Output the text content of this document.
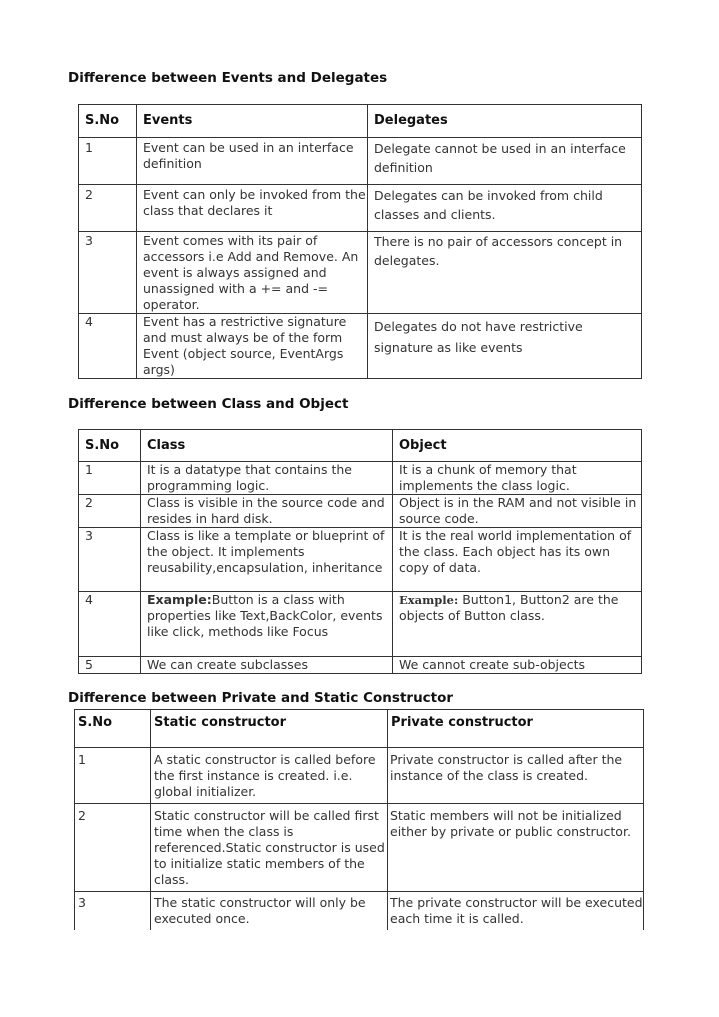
Difference between Events and Delegates
S.No	Events	Delegates
1	Event can be used in an interface definition	Delegate cannot be used in an interface definition
2	Event can only be invoked from the class that declares it	Delegates can be invoked from child classes and clients.
3	Event comes with its pair of accessors i.e Add and Remove. An event is always assigned and unassigned with a += and -= operator.	There is no pair of accessors concept in delegates.
4	Event has a restrictive signature and must always be of the form Event (object source, EventArgs args)	Delegates do not have restrictive signature as like events
Difference between Class and Object
S.No	Class	Object
1	It is a datatype that contains the programming logic.	It is a chunk of memory that implements the class logic.
2	Class is visible in the source code and resides in hard disk.	Object is in the RAM and not visible in source code.
3	Class is like a template or blueprint of the object. It implements reusability,encapsulation, inheritance	It is the real world implementation of the class. Each object has its own copy of data.
4	Example:Button is a class with properties like Text,BackColor, events like click, methods like Focus	Example: Button1, Button2 are the objects of Button class.
5	We can create subclasses	We cannot create sub-objects
Difference between Private and Static Constructor
S.No	Static constructor	Private constructor
1	A static constructor is called before the first instance is created. i.e. global initializer.	Private constructor is called after the instance of the class is created.
2	Static constructor will be called first time when the class is referenced.Static constructor is used to initialize static members of the class.	Static members will not be initialized either by private or public constructor.
3	The static constructor will only be executed once.	The private constructor will be executed each time it is called.
